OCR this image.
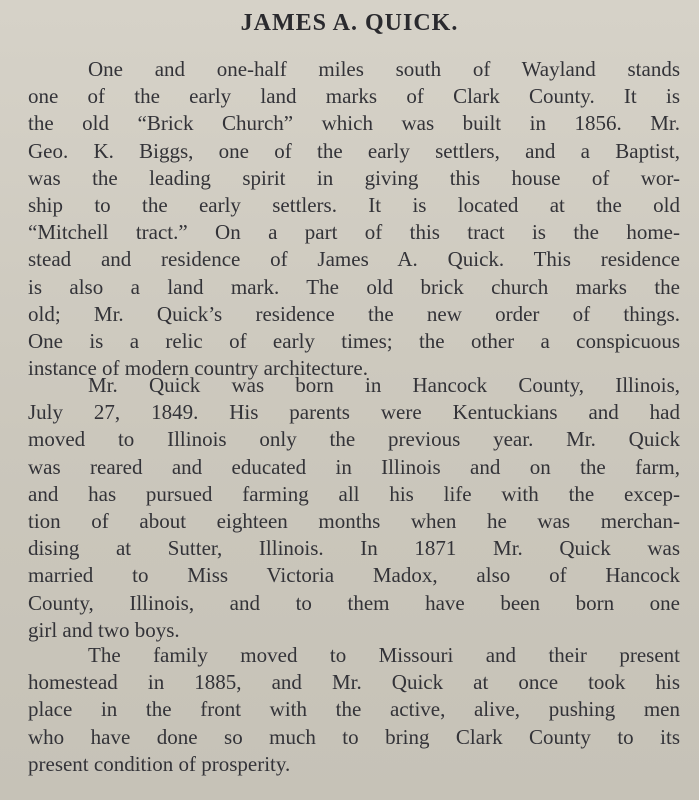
JAMES A. QUICK.
One and one-half miles south of Wayland stands
one of the early land marks of Clark County. It is
the old “Brick Church” which was built in 1856. Mr.
Geo. K. Biggs, one of the early settlers, and a Baptist,
was the leading spirit in giving this house of wor-
ship to the early settlers. It is located at the old
“Mitchell tract.” On a part of this tract is the home-
stead and residence of James A. Quick. This residence
is also a land mark. The old brick church marks the
old; Mr. Quick’s residence the new order of things.
One is a relic of early times; the other a conspicuous
instance of modern country architecture.
Mr. Quick was born in Hancock County, Illinois,
July 27, 1849. His parents were Kentuckians and had
moved to Illinois only the previous year. Mr. Quick
was reared and educated in Illinois and on the farm,
and has pursued farming all his life with the excep-
tion of about eighteen months when he was merchan-
dising at Sutter, Illinois. In 1871 Mr. Quick was
married to Miss Victoria Madox, also of Hancock
County, Illinois, and to them have been born one
girl and two boys.
The family moved to Missouri and their present
homestead in 1885, and Mr. Quick at once took his
place in the front with the active, alive, pushing men
who have done so much to bring Clark County to its
present condition of prosperity.
